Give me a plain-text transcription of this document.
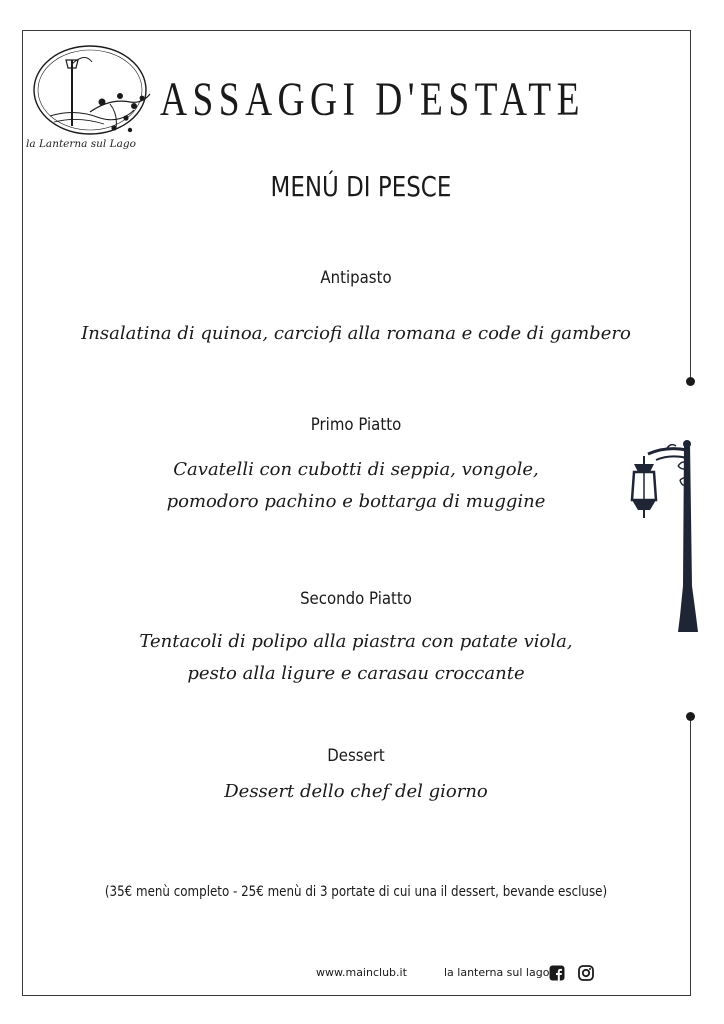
la Lanterna sul Lago
ASSAGGI D'ESTATE
MENÚ DI PESCE
Antipasto
Insalatina di quinoa, carciofi alla romana e code di gambero
Primo Piatto
Cavatelli con cubotti di seppia, vongole,
pomodoro pachino e bottarga di muggine
Secondo Piatto
Tentacoli di polipo alla piastra con patate viola,
pesto alla ligure e carasau croccante
Dessert
Dessert dello chef del giorno
(35€ menù completo - 25€ menù di 3 portate di cui una il dessert, bevande escluse)
www.mainclub.it	la lanterna sul lago
